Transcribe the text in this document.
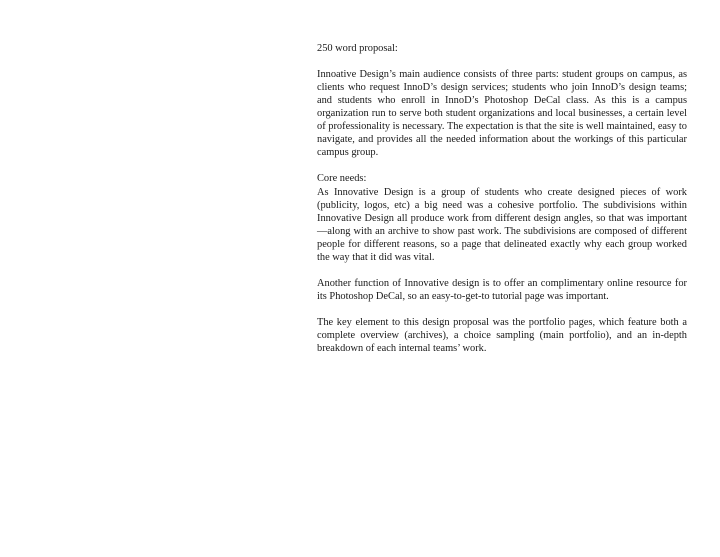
250 word proposal:

Innoative Design’s main audience consists of three parts: student groups on campus, as clients who request InnoD’s design services; students who join InnoD’s design teams; and students who enroll in InnoD’s Photoshop DeCal class. As this is a campus organization run to serve both student organizations and local businesses, a certain level of professionality is necessary. The expectation is that the site is well maintained, easy to navigate, and provides all the needed information about the workings of this particular campus group.

Core needs:

As Innovative Design is a group of students who create designed pieces of work (publicity, logos, etc) a big need was a cohesive portfolio. The subdivisions within Innovative Design all produce work from different design angles, so that was important—along with an archive to show past work. The subdivisions are composed of different people for different reasons, so a page that delineated exactly why each group worked the way that it did was vital.

Another function of Innovative design is to offer an complimentary online resource for its Photoshop DeCal, so an easy-to-get-to tutorial page was important.

The key element to this design proposal was the portfolio pages, which feature both a complete overview (archives), a choice sampling (main portfolio), and an in-depth breakdown of each internal teams’ work.
